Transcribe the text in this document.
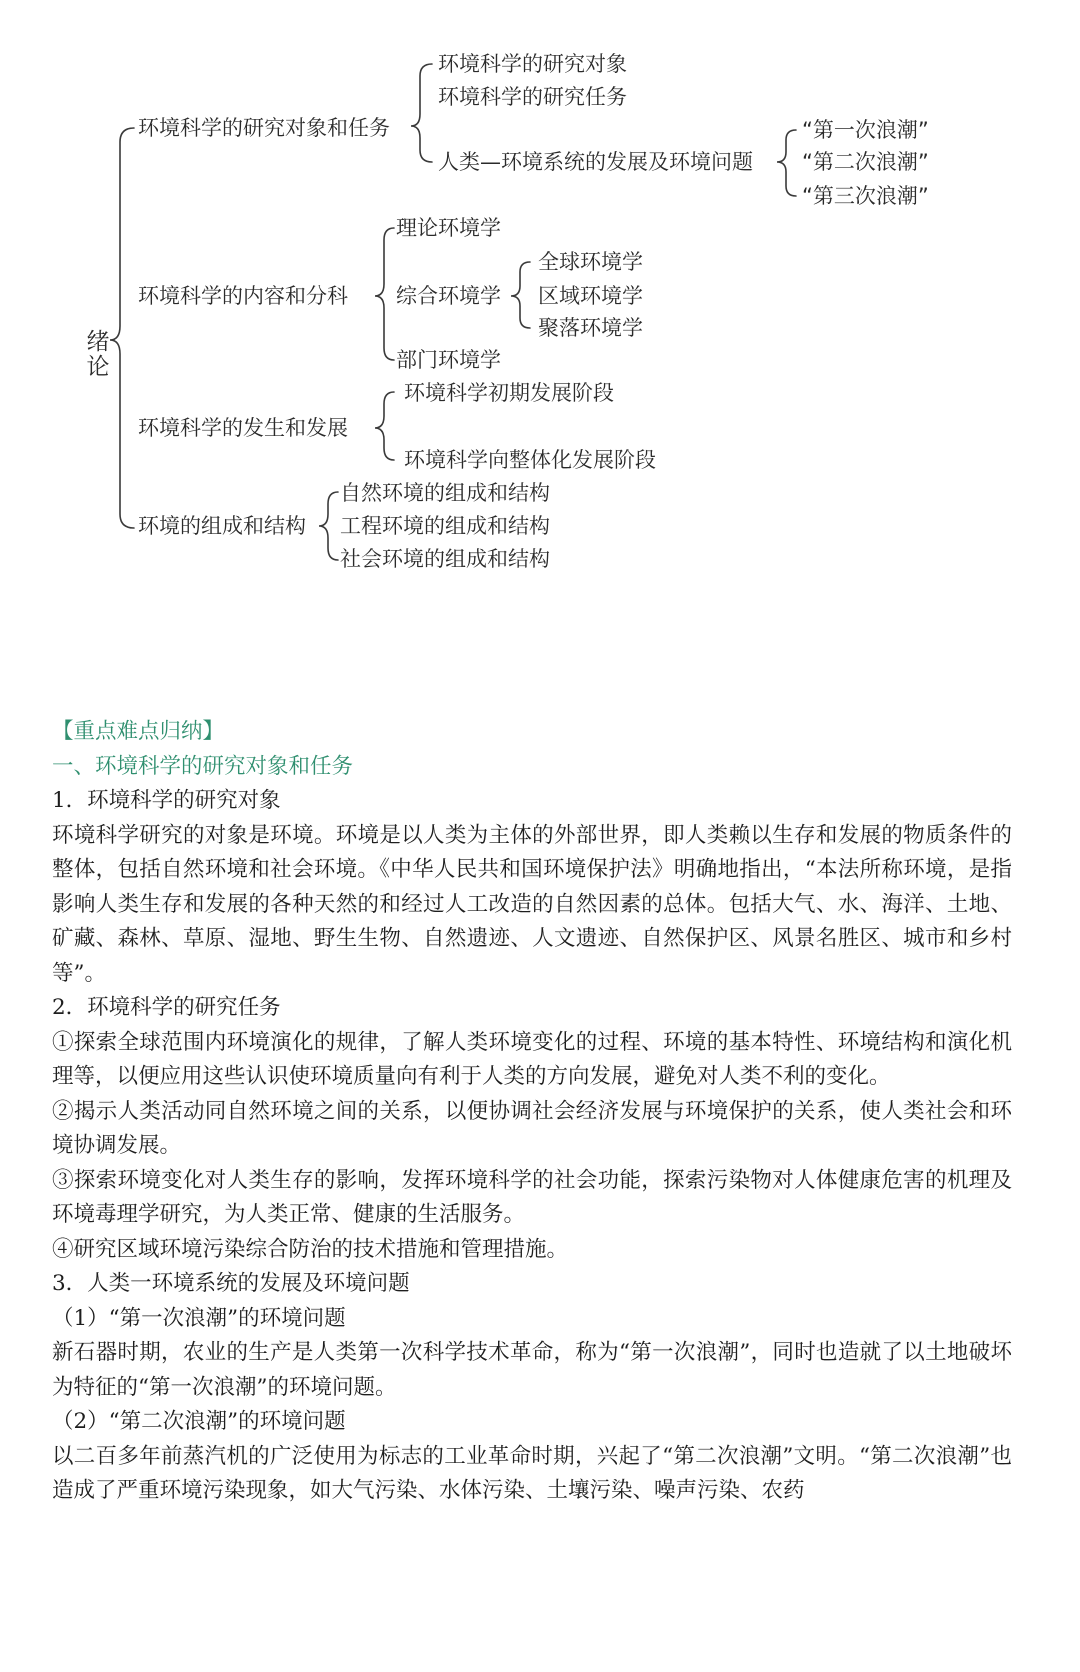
绪论
环境科学的研究对象和任务
环境科学的研究对象
环境科学的研究任务
人类—环境系统的发展及环境问题
“第一次浪潮”
“第二次浪潮”
“第三次浪潮”
环境科学的内容和分科
理论环境学
综合环境学
部门环境学
全球环境学
区域环境学
聚落环境学
环境科学的发生和发展
环境科学初期发展阶段
环境科学向整体化发展阶段
环境的组成和结构
自然环境的组成和结构
工程环境的组成和结构
社会环境的组成和结构

【重点难点归纳】

一、环境科学的研究对象和任务

1．环境科学的研究对象

环境科学研究的对象是环境。环境是以人类为主体的外部世界，即人类赖以生存和发展的物质条件的整体，包括自然环境和社会环境。《中华人民共和国环境保护法》明确地指出，“本法所称环境，是指影响人类生存和发展的各种天然的和经过人工改造的自然因素的总体。包括大气、水、海洋、土地、矿藏、森林、草原、湿地、野生生物、自然遗迹、人文遗迹、自然保护区、风景名胜区、城市和乡村等”。

2．环境科学的研究任务

①探索全球范围内环境演化的规律，了解人类环境变化的过程、环境的基本特性、环境结构和演化机理等，以便应用这些认识使环境质量向有利于人类的方向发展，避免对人类不利的变化。

②揭示人类活动同自然环境之间的关系，以便协调社会经济发展与环境保护的关系，使人类社会和环境协调发展。

③探索环境变化对人类生存的影响，发挥环境科学的社会功能，探索污染物对人体健康危害的机理及环境毒理学研究，为人类正常、健康的生活服务。

④研究区域环境污染综合防治的技术措施和管理措施。

3．人类一环境系统的发展及环境问题

（1）“第一次浪潮”的环境问题

新石器时期，农业的生产是人类第一次科学技术革命，称为“第一次浪潮”，同时也造就了以土地破坏为特征的“第一次浪潮”的环境问题。

（2）“第二次浪潮”的环境问题

以二百多年前蒸汽机的广泛使用为标志的工业革命时期，兴起了“第二次浪潮”文明。“第二次浪潮”也造成了严重环境污染现象，如大气污染、水体污染、土壤污染、噪声污染、农药
